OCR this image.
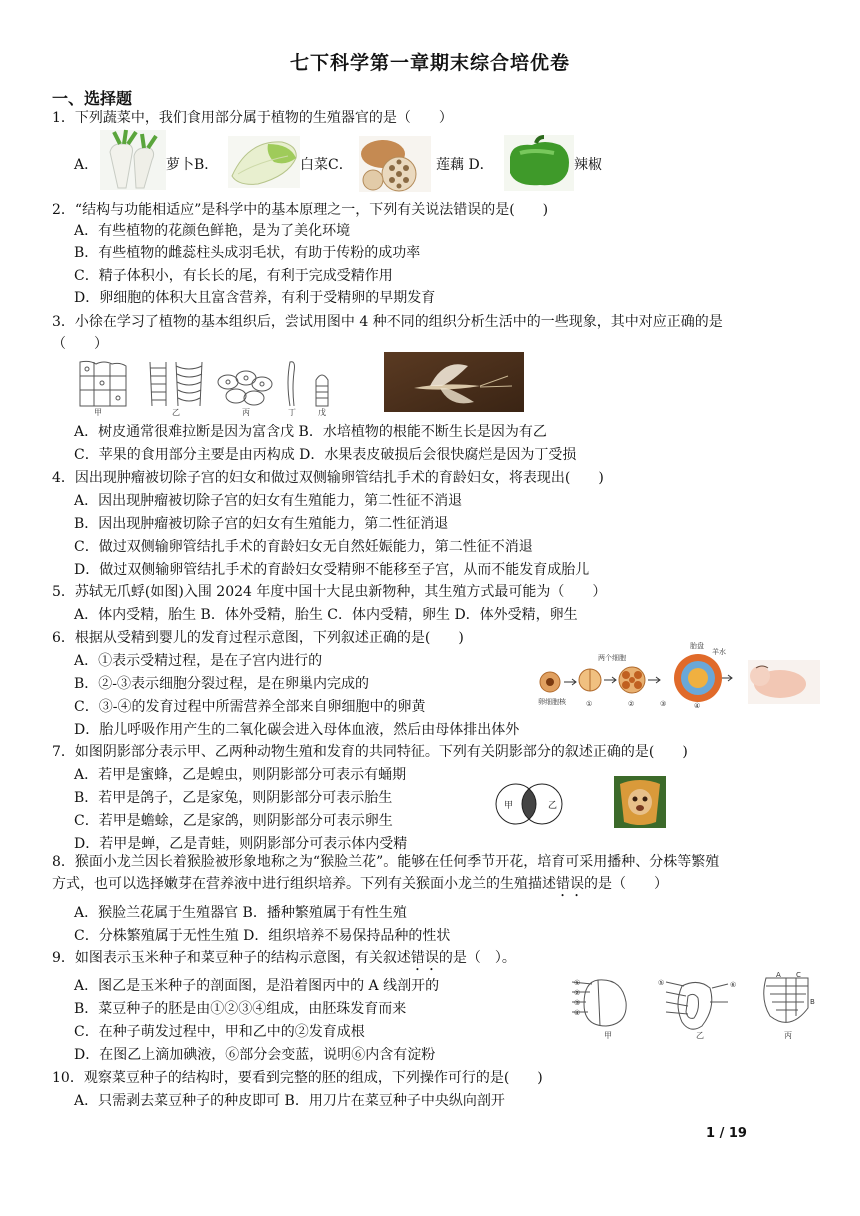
七下科学第一章期末综合培优卷
一、选择题
1．下列蔬菜中，我们食用部分属于植物的生殖器官的是（　　）
A．	萝卜B．	白菜C．	莲藕 D．	辣椒
2．“结构与功能相适应”是科学中的基本原理之一，下列有关说法错误的是(　　)
A．有些植物的花颜色鲜艳，是为了美化环境
B．有些植物的雌蕊柱头成羽毛状，有助于传粉的成功率
C．精子体积小，有长长的尾，有利于完成受精作用
D．卵细胞的体积大且富含营养，有利于受精卵的早期发育
3．小徐在学习了植物的基本组织后，尝试用图中 4 种不同的组织分析生活中的一些现象，其中对应正确的是
（　　）
甲	乙	丙	丁	戊
A．树皮通常很难拉断是因为富含戊 B．水培植物的根能不断生长是因为有乙
C．苹果的食用部分主要是由丙构成 D．水果表皮破损后会很快腐烂是因为丁受损
4．因出现肿瘤被切除子宫的妇女和做过双侧输卵管结扎手术的育龄妇女，将表现出(　　)
A．因出现肿瘤被切除子宫的妇女有生殖能力，第二性征不消退
B．因出现肿瘤被切除子宫的妇女有生殖能力，第二性征消退
C．做过双侧输卵管结扎手术的育龄妇女无自然妊娠能力，第二性征不消退
D．做过双侧输卵管结扎手术的育龄妇女受精卵不能移至子宫，从而不能发育成胎儿
5．苏轼无爪蜉(如图)入围 2024 年度中国十大昆虫新物种，其生殖方式最可能为（　　）
A．体内受精，胎生 B．体外受精，胎生 C．体内受精，卵生 D．体外受精，卵生
6．根据从受精到婴儿的发育过程示意图，下列叙述正确的是(　　)
A．①表示受精过程，是在子宫内进行的
B．②-③表示细胞分裂过程，是在卵巢内完成的
C．③-④的发育过程中所需营养全部来自卵细胞中的卵黄
D．胎儿呼吸作用产生的二氧化碳会进入母体血液，然后由母体排出体外
卵细胞核
两个细胞
胎盘
羊水
①	②	③	④
7．如图阴影部分表示甲、乙两种动物生殖和发育的共同特征。下列有关阴影部分的叙述正确的是(　　)
A．若甲是蜜蜂，乙是蝗虫，则阴影部分可表示有蛹期
B．若甲是鸽子，乙是家兔，则阴影部分可表示胎生
C．若甲是蟾蜍，乙是家鸽，则阴影部分可表示卵生
D．若甲是蝉，乙是青蛙，则阴影部分可表示体内受精
甲	乙
8．猴面小龙兰因长着猴脸被形象地称之为“猴脸兰花”。能够在任何季节开花，培育可采用播种、分株等繁殖
方式，也可以选择嫩芽在营养液中进行组织培养。下列有关猴面小龙兰的生殖描述错误的是（　　）
A．猴脸兰花属于生殖器官 B．播种繁殖属于有性生殖
C．分株繁殖属于无性生殖 D．组织培养不易保持品种的性状
9．如图表示玉米种子和菜豆种子的结构示意图，有关叙述错误的是（　）。
A．图乙是玉米种子的剖面图，是沿着图丙中的 A 线剖开的
B．菜豆种子的胚是由①②③④组成，由胚珠发育而来
C．在种子萌发过程中，甲和乙中的②发育成根
D．在图乙上滴加碘液，⑥部分会变蓝，说明⑥内含有淀粉
①
②
③
④
⑤	⑥
A C
B
甲	乙	丙
10．观察菜豆种子的结构时，要看到完整的胚的组成，下列操作可行的是(　　)
A．只需剥去菜豆种子的种皮即可 B．用刀片在菜豆种子中央纵向剖开
1 / 19
